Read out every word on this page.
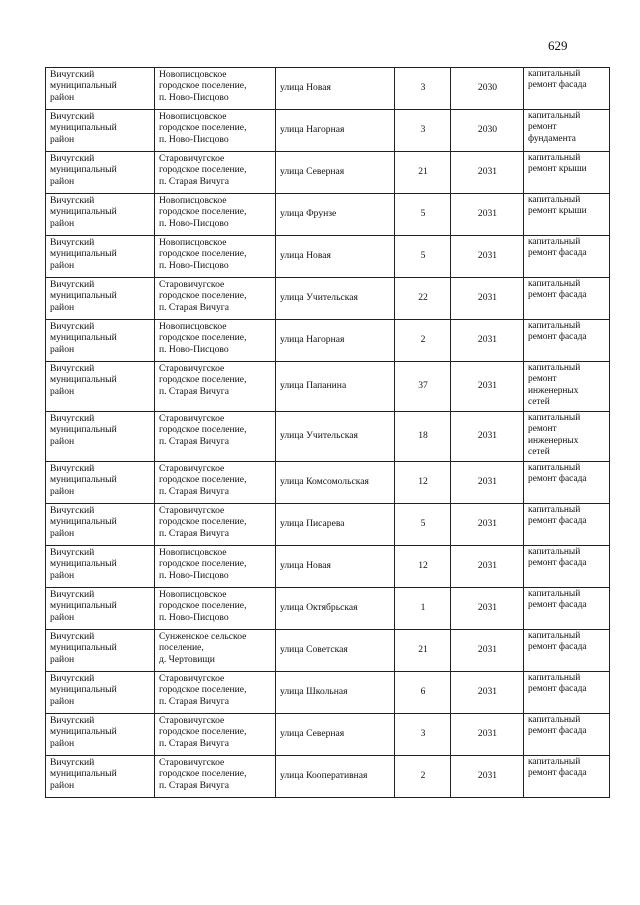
629
Вичугский
муниципальный
район	Новописцовское
городское поселение,
п. Ново-Писцово	улица Новая	3	2030	капитальный
ремонт фасада

Вичугский
муниципальный
район	Новописцовское
городское поселение,
п. Ново-Писцово	улица Нагорная	3	2030	капитальный
ремонт
фундамента

Вичугский
муниципальный
район	Старовичугское
городское поселение,
п. Старая Вичуга	улица Северная	21	2031	капитальный
ремонт крыши

Вичугский
муниципальный
район	Новописцовское
городское поселение,
п. Ново-Писцово	улица Фрунзе	5	2031	капитальный
ремонт крыши

Вичугский
муниципальный
район	Новописцовское
городское поселение,
п. Ново-Писцово	улица Новая	5	2031	капитальный
ремонт фасада

Вичугский
муниципальный
район	Старовичугское
городское поселение,
п. Старая Вичуга	улица Учительская	22	2031	капитальный
ремонт фасада

Вичугский
муниципальный
район	Новописцовское
городское поселение,
п. Ново-Писцово	улица Нагорная	2	2031	капитальный
ремонт фасада

Вичугский
муниципальный
район	Старовичугское
городское поселение,
п. Старая Вичуга	улица Папанина	37	2031	капитальный
ремонт
инженерных
сетей

Вичугский
муниципальный
район	Старовичугское
городское поселение,
п. Старая Вичуга	улица Учительская	18	2031	капитальный
ремонт
инженерных
сетей

Вичугский
муниципальный
район	Старовичугское
городское поселение,
п. Старая Вичуга	улица Комсомольская	12	2031	капитальный
ремонт фасада

Вичугский
муниципальный
район	Старовичугское
городское поселение,
п. Старая Вичуга	улица Писарева	5	2031	капитальный
ремонт фасада

Вичугский
муниципальный
район	Новописцовское
городское поселение,
п. Ново-Писцово	улица Новая	12	2031	капитальный
ремонт фасада

Вичугский
муниципальный
район	Новописцовское
городское поселение,
п. Ново-Писцово	улица Октябрьская	1	2031	капитальный
ремонт фасада

Вичугский
муниципальный
район	Сунженское сельское
поселение,
д. Чертовищи	улица Советская	21	2031	капитальный
ремонт фасада

Вичугский
муниципальный
район	Старовичугское
городское поселение,
п. Старая Вичуга	улица Школьная	6	2031	капитальный
ремонт фасада

Вичугский
муниципальный
район	Старовичугское
городское поселение,
п. Старая Вичуга	улица Северная	3	2031	капитальный
ремонт фасада

Вичугский
муниципальный
район	Старовичугское
городское поселение,
п. Старая Вичуга	улица Кооперативная	2	2031	капитальный
ремонт фасада
